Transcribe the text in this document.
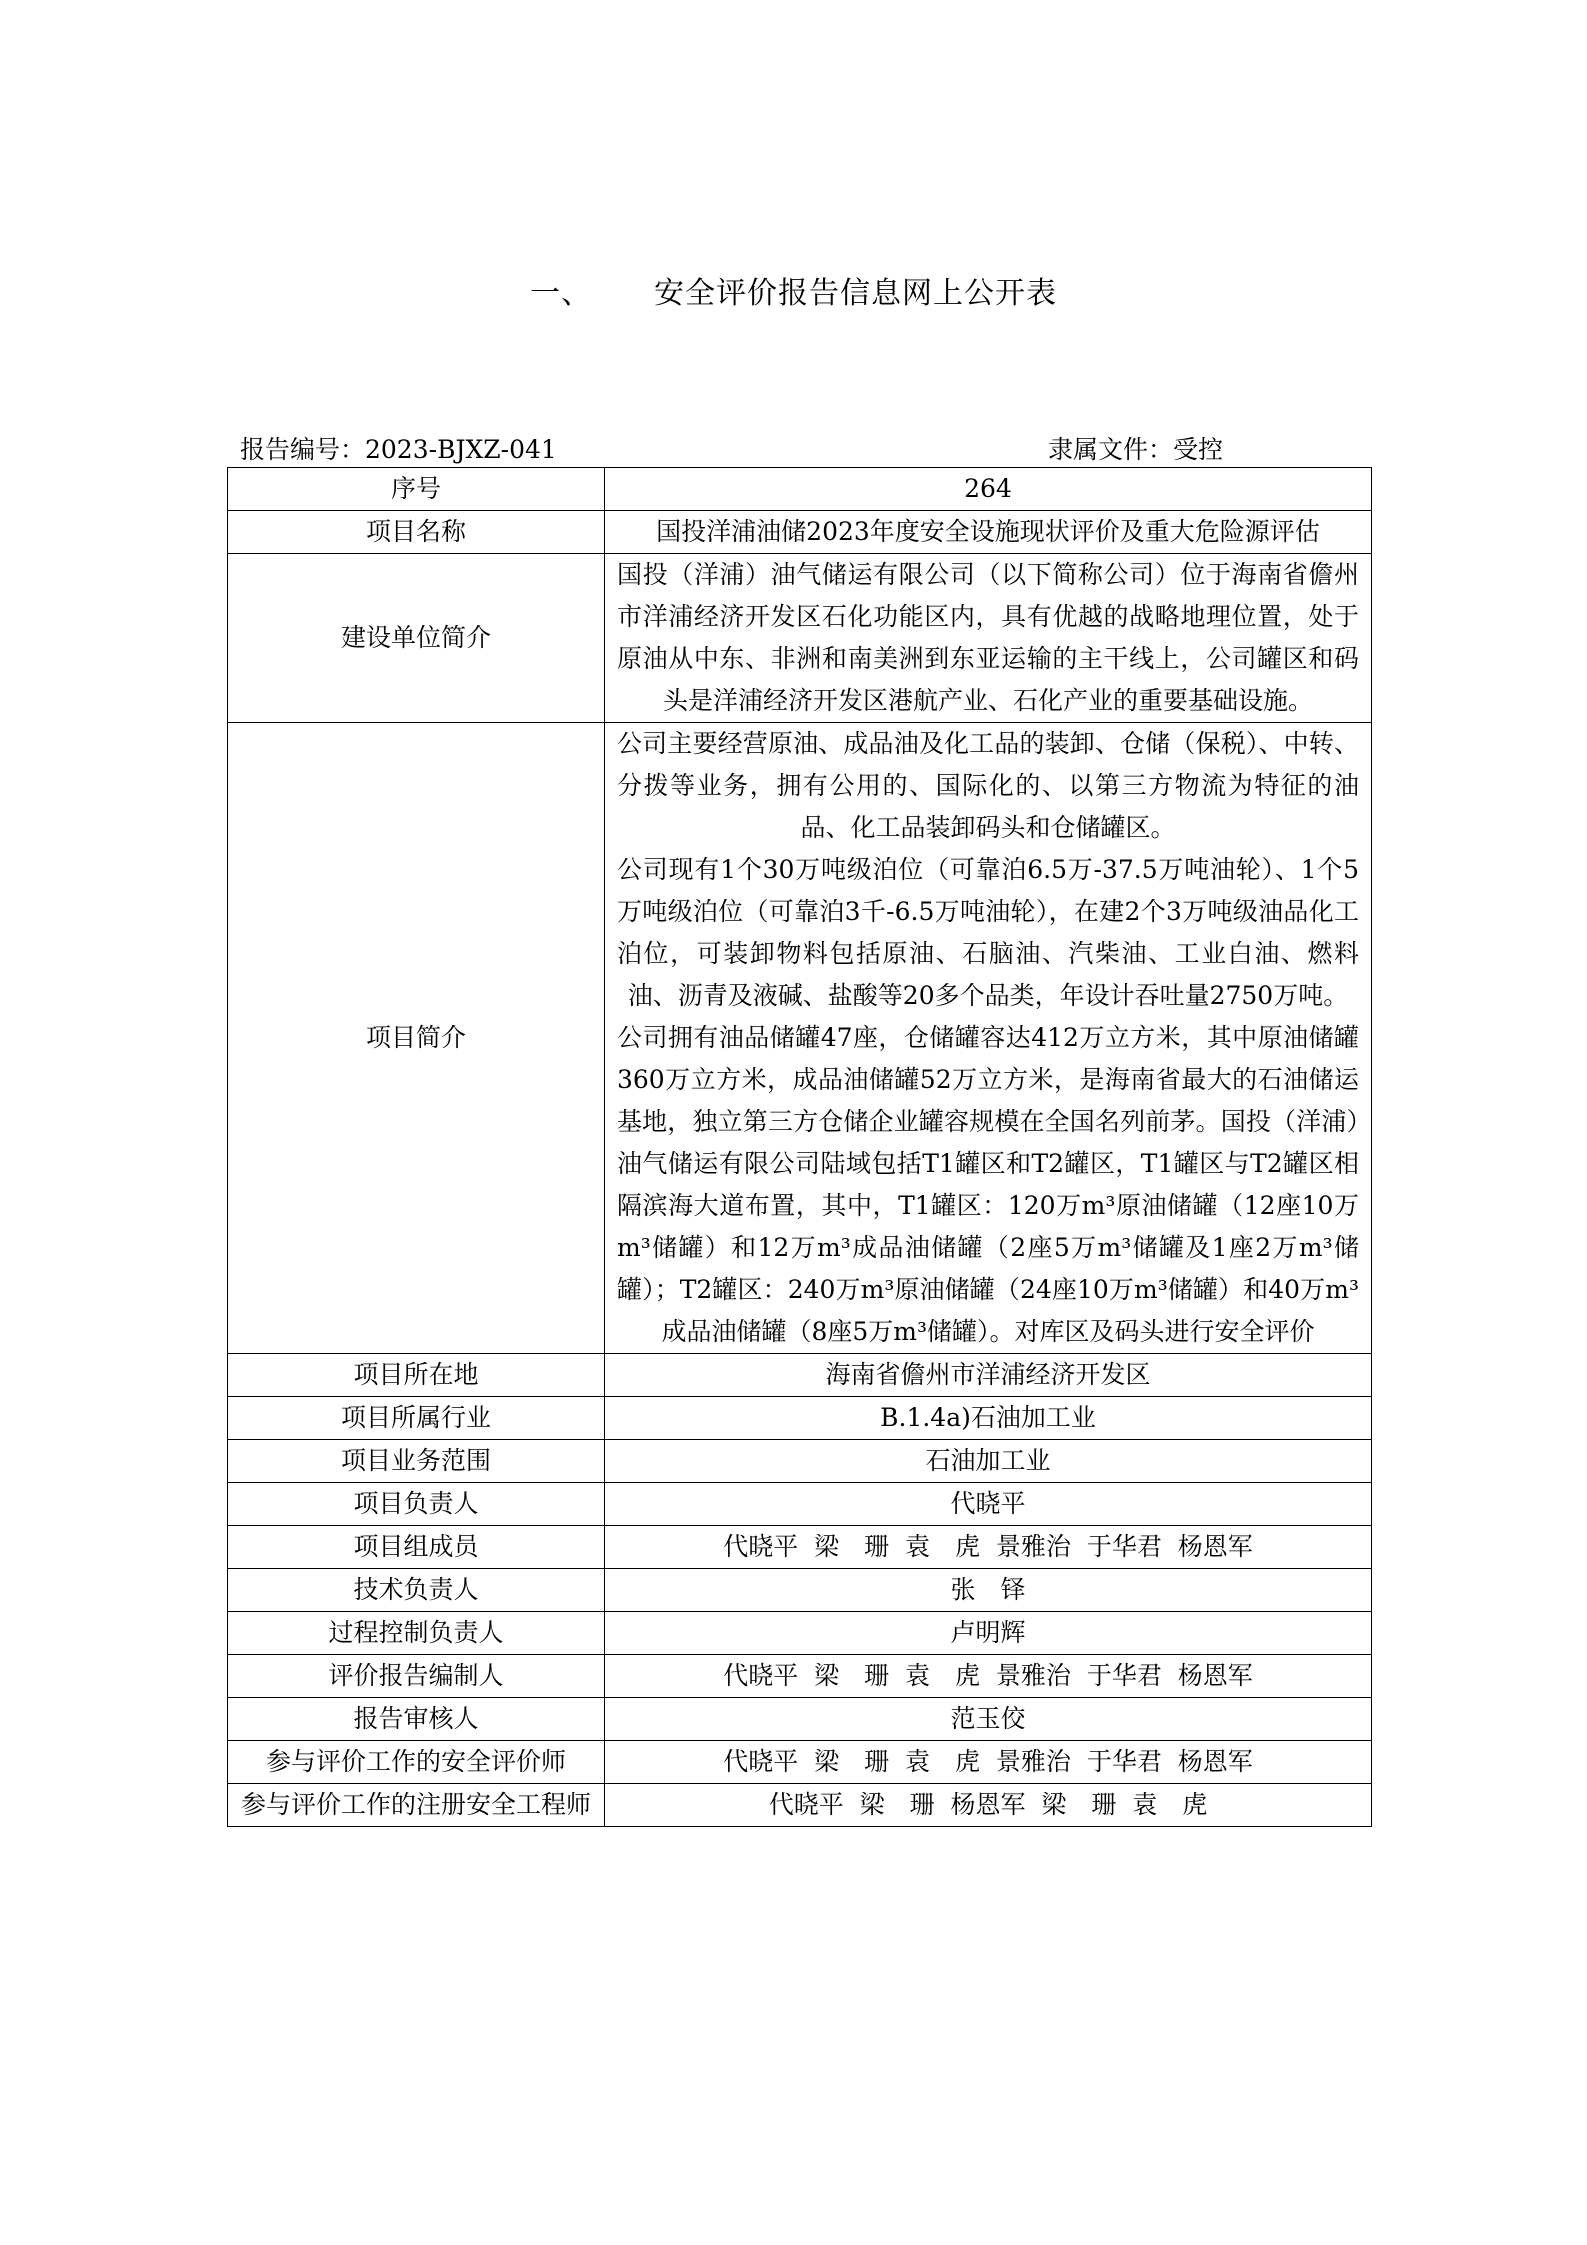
一、 安全评价报告信息网上公开表
报告编号：2023-BJXZ-041	隶属文件：受控
序号	264
项目名称	国投洋浦油储2023年度安全设施现状评价及重大危险源评估
建设单位简介	国投（洋浦）油气储运有限公司（以下简称公司）位于海南省儋州市洋浦经济开发区石化功能区内，具有优越的战略地理位置，处于原油从中东、非洲和南美洲到东亚运输的主干线上，公司罐区和码头是洋浦经济开发区港航产业、石化产业的重要基础设施。
项目简介	公司主要经营原油、成品油及化工品的装卸、仓储（保税）、中转、分拨等业务，拥有公用的、国际化的、以第三方物流为特征的油品、化工品装卸码头和仓储罐区。
公司现有1个30万吨级泊位（可靠泊6.5万-37.5万吨油轮）、1个5万吨级泊位（可靠泊3千-6.5万吨油轮），在建2个3万吨级油品化工泊位，可装卸物料包括原油、石脑油、汽柴油、工业白油、燃料油、沥青及液碱、盐酸等20多个品类，年设计吞吐量2750万吨。
公司拥有油品储罐47座，仓储罐容达412万立方米，其中原油储罐360万立方米，成品油储罐52万立方米，是海南省最大的石油储运基地，独立第三方仓储企业罐容规模在全国名列前茅。国投（洋浦）油气储运有限公司陆域包括T1罐区和T2罐区，T1罐区与T2罐区相隔滨海大道布置，其中，T1罐区：120万m³原油储罐（12座10万m³储罐）和12万m³成品油储罐（2座5万m³储罐及1座2万m³储罐）；T2罐区：240万m³原油储罐（24座10万m³储罐）和40万m³成品油储罐（8座5万m³储罐）。对库区及码头进行安全评价

项目所在地	海南省儋州市洋浦经济开发区
项目所属行业	B.1.4a)石油加工业
项目业务范围	石油加工业
项目负责人	代晓平
项目组成员	代晓平  梁　珊  袁　虎  景雅治  于华君  杨恩军
技术负责人	张　铎
过程控制负责人	卢明辉
评价报告编制人	代晓平  梁　珊  袁　虎  景雅治  于华君  杨恩军
报告审核人	范玉佼
参与评价工作的安全评价师	代晓平  梁　珊  袁　虎  景雅治  于华君  杨恩军
参与评价工作的注册安全工程师	代晓平  梁　珊  杨恩军  梁　珊  袁　虎
